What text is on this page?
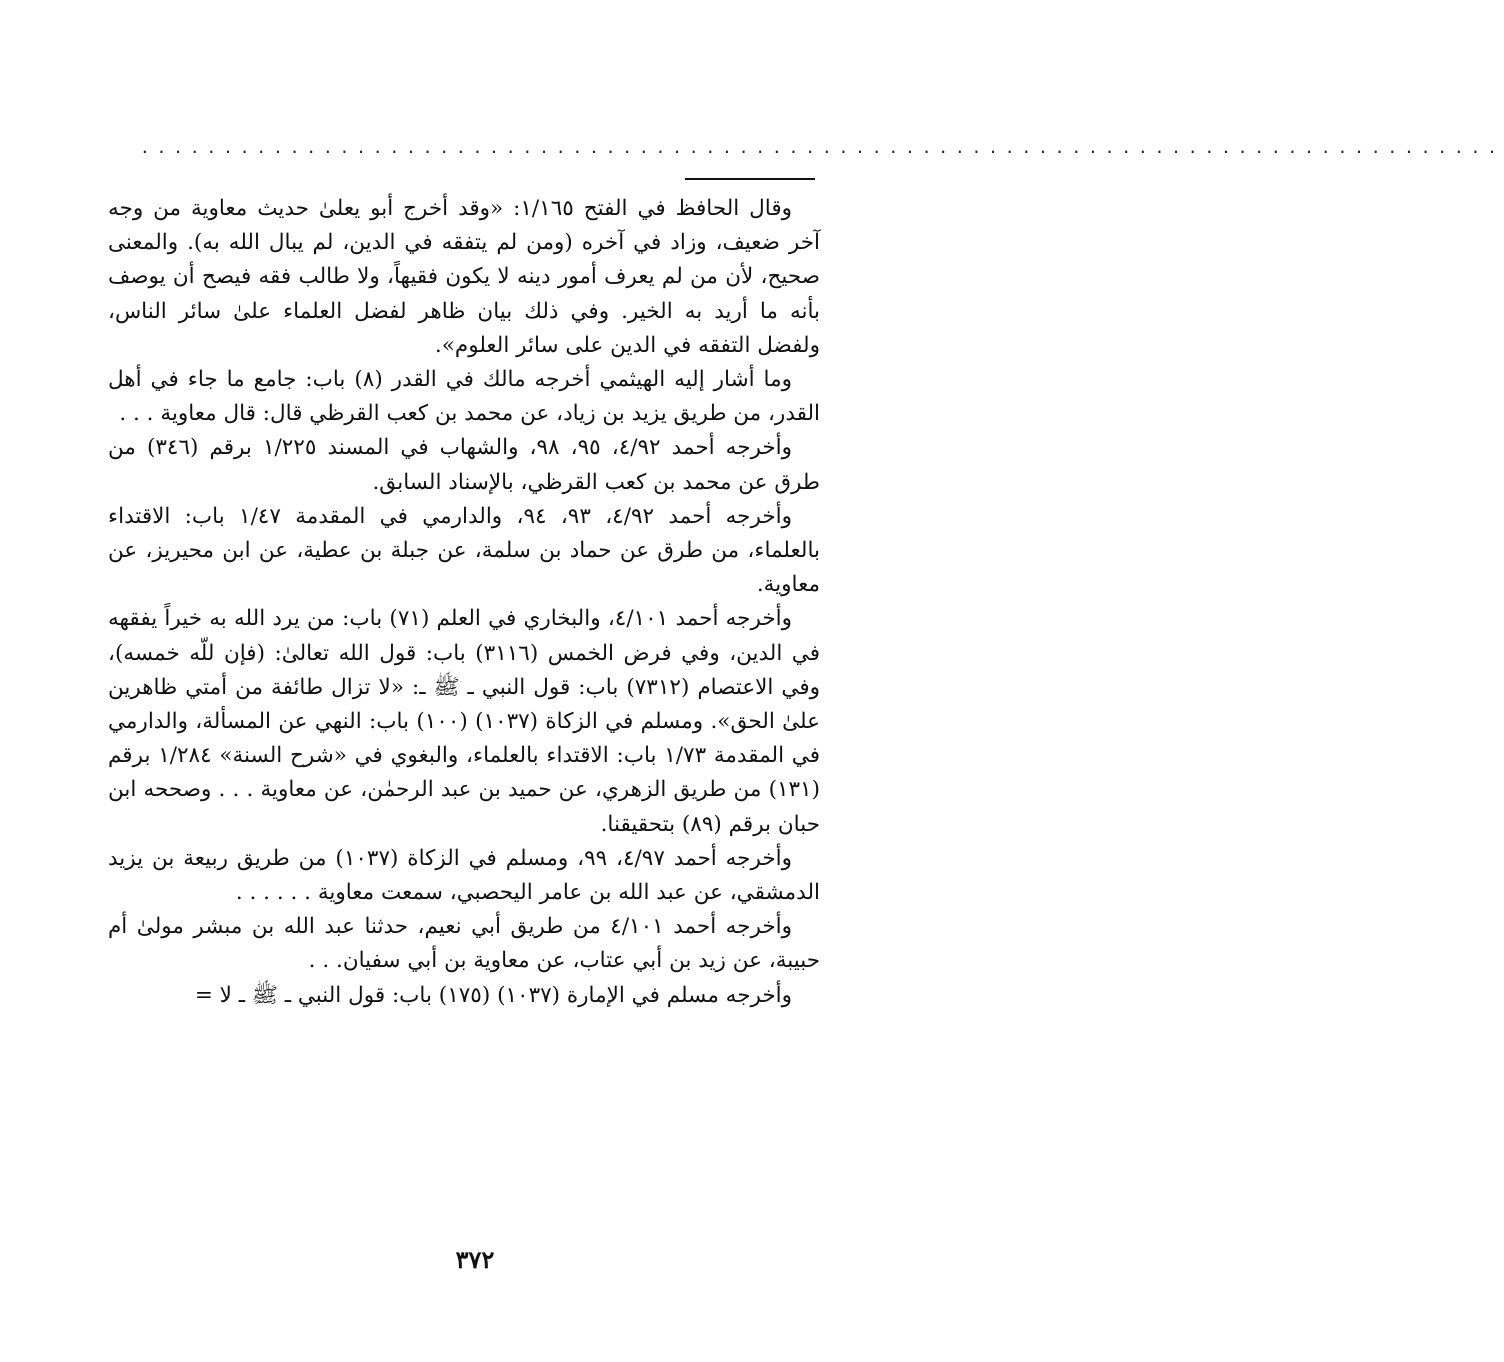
..................................................................................

وقال الحافظ في الفتح ١/١٦٥: «وقد أخرج أبو يعلىٰ حديث معاوية من وجه آخر ضعيف، وزاد في آخره (ومن لم يتفقه في الدين، لم يبال الله به). والمعنى صحيح، لأن من لم يعرف أمور دينه لا يكون فقيهاً، ولا طالب فقه فيصح أن يوصف بأنه ما أريد به الخير. وفي ذلك بيان ظاهر لفضل العلماء علىٰ سائر الناس، ولفضل التفقه في الدين على سائر العلوم».

وما أشار إليه الهيثمي أخرجه مالك في القدر (٨) باب: جامع ما جاء في أهل القدر، من طريق يزيد بن زياد، عن محمد بن كعب القرظي قال: قال معاوية . . .

وأخرجه أحمد ٤/٩٢، ٩٥، ٩٨، والشهاب في المسند ١/٢٢٥ برقم (٣٤٦) من طرق عن محمد بن كعب القرظي، بالإسناد السابق.

وأخرجه أحمد ٤/٩٢، ٩٣، ٩٤، والدارمي في المقدمة ١/٤٧ باب: الاقتداء بالعلماء، من طرق عن حماد بن سلمة، عن جبلة بن عطية، عن ابن محيريز، عن معاوية.

وأخرجه أحمد ٤/١٠١، والبخاري في العلم (٧١) باب: من يرد الله به خيراً يفقهه في الدين، وفي فرض الخمس (٣١١٦) باب: قول الله تعالىٰ: (فإن للّه خمسه)، وفي الاعتصام (٧٣١٢) باب: قول النبي ـ ﷺ ـ: «لا تزال طائفة من أمتي ظاهرين علىٰ الحق». ومسلم في الزكاة (١٠٣٧) (١٠٠) باب: النهي عن المسألة، والدارمي في المقدمة ١/٧٣ باب: الاقتداء بالعلماء، والبغوي في «شرح السنة» ١/٢٨٤ برقم (١٣١) من طريق الزهري، عن حميد بن عبد الرحمٰن، عن معاوية . . . وصححه ابن حبان برقم (٨٩) بتحقيقنا.

وأخرجه أحمد ٤/٩٧، ٩٩، ومسلم في الزكاة (١٠٣٧) من طريق ربيعة بن يزيد الدمشقي، عن عبد الله بن عامر اليحصبي، سمعت معاوية . . . . . .

وأخرجه أحمد ٤/١٠١ من طريق أبي نعيم، حدثنا عبد الله بن مبشر مولىٰ أم حبيبة، عن زيد بن أبي عتاب، عن معاوية بن أبي سفيان. . .

وأخرجه مسلم في الإمارة (١٠٣٧) (١٧٥) باب: قول النبي ـ ﷺ ـ لا =

٣٧٢
